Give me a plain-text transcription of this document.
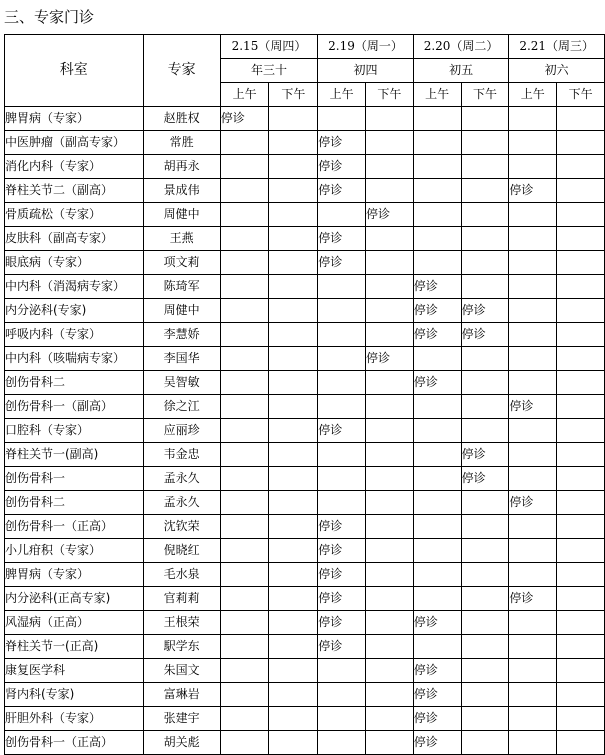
三、专家门诊
科室	专家	2.15（周四）		2.19（周一）		2.20（周二）		2.21（周三）	
		年三十		初四		初五		初六	
		上午	下午	上午	下午	上午	下午	上午	下午
脾胃病（专家）	赵胜权	停诊							
中医肿瘤（副高专家）	常胜			停诊					
消化内科（专家）	胡再永			停诊					
脊柱关节二（副高）	景成伟			停诊				停诊	
骨质疏松（专家）	周健中				停诊				
皮肤科（副高专家）	王燕			停诊					
眼底病（专家）	项文莉			停诊					
中内科（消渴病专家）	陈琦军					停诊			
内分泌科(专家)	周健中					停诊	停诊		
呼吸内科（专家）	李慧娇					停诊	停诊		
中内科（咳喘病专家）	李国华				停诊				
创伤骨科二	吴智敏					停诊			
创伤骨科一（副高）	徐之江							停诊	
口腔科（专家）	应丽珍			停诊					
脊柱关节一(副高)	韦金忠						停诊		
创伤骨科一	孟永久						停诊		
创伤骨科二	孟永久							停诊	
创伤骨科一（正高）	沈钦荣			停诊					
小儿疳积（专家）	倪晓红			停诊					
脾胃病（专家）	毛水泉			停诊					
内分泌科(正高专家)	官莉莉			停诊				停诊	
风湿病（正高）	王根荣			停诊		停诊			
脊柱关节一(正高)	駅学东			停诊					
康复医学科	朱国文					停诊			
肾内科(专家)	富琳岩					停诊			
肝胆外科（专家）	张建宇					停诊			
创伤骨科一（正高）	胡关彪					停诊			
